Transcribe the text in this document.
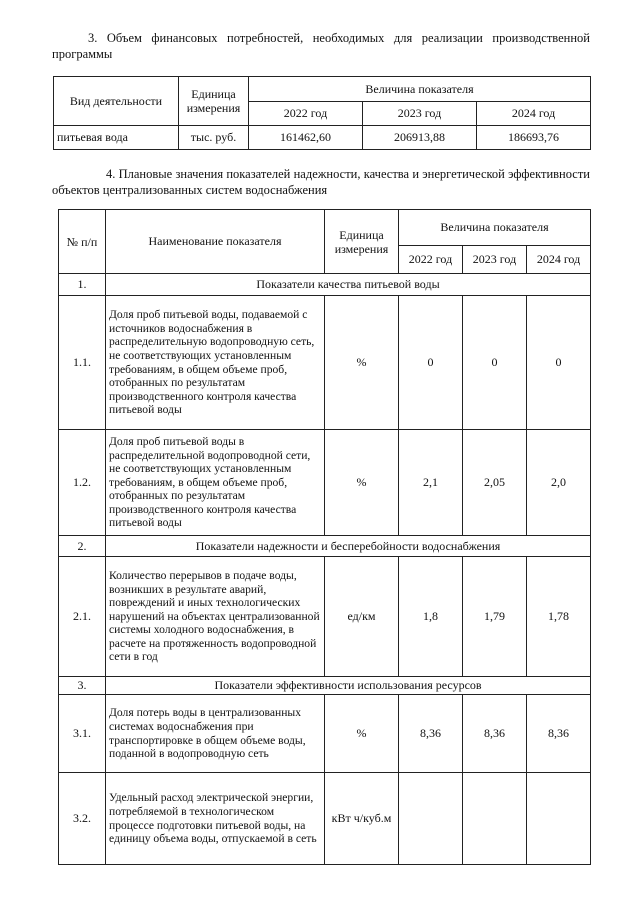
3. Объем финансовых потребностей, необходимых для реализации производственной программы

Вид деятельности	Единица измерения	Величина показателя		
		2022 год	2023 год	2024 год
питьевая вода	тыс. руб.	161462,60	206913,88	186693,76

4. Плановые значения показателей надежности, качества и энергетической эффективности объектов централизованных систем водоснабжения

№ п/п	Наименование показателя	Единица измерения	Величина показателя		
			2022 год	2023 год	2024 год
1.	Показатели качества питьевой воды				
1.1.	Доля проб питьевой воды, подаваемой с источников водоснабжения в распределительную водопроводную сеть, не соответствующих установленным требованиям, в общем объеме проб, отобранных по результатам производственного контроля качества питьевой воды	%	0	0	0
1.2.	Доля проб питьевой воды в распределительной водопроводной сети, не соответствующих установленным требованиям, в общем объеме проб, отобранных по результатам производственного контроля качества питьевой воды	%	2,1	2,05	2,0
2.	Показатели надежности и бесперебойности водоснабжения				
2.1.	Количество перерывов в подаче воды, возникших в результате аварий, повреждений и иных технологических нарушений на объектах централизованной системы холодного водоснабжения, в расчете на протяженность водопроводной сети в год	ед/км	1,8	1,79	1,78
3.	Показатели эффективности использования ресурсов				
3.1.	Доля потерь воды в централизованных системах водоснабжения при транспортировке в общем объеме воды, поданной в водопроводную сеть	%	8,36	8,36	8,36
3.2.	Удельный расход электрической энергии, потребляемой в технологическом процессе подготовки питьевой воды, на единицу объема воды, отпускаемой в сеть	кВт ч/куб.м			
